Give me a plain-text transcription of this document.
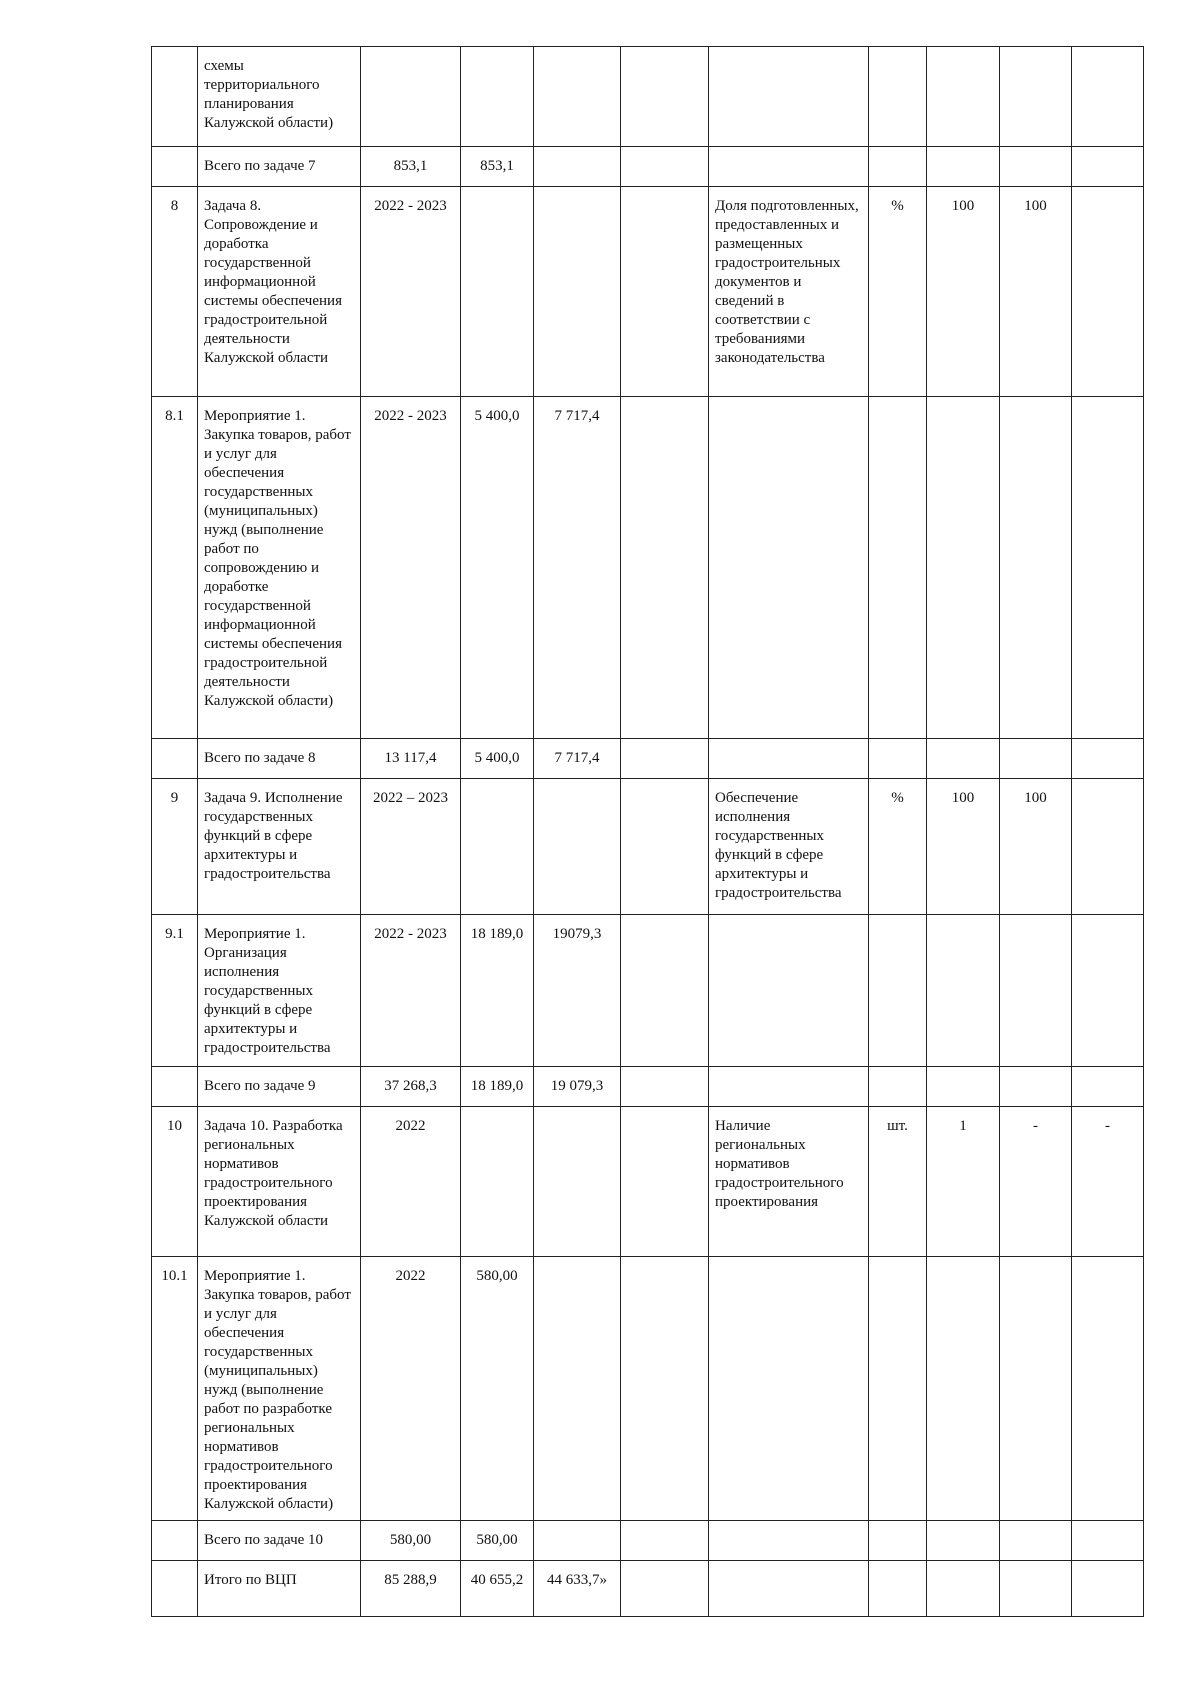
	схемы территориального планирования Калужской области)									
	Всего по задаче 7	853,1	853,1							
8	Задача 8. Сопровождение и доработка государственной информационной системы обеспечения градостроительной деятельности Калужской области	2022 - 2023				Доля подготовленных, предоставленных и размещенных градостроительных документов и сведений в соответствии с требованиями законодательства	%	100	100	
8.1	Мероприятие 1. Закупка товаров, работ и услуг для обеспечения государственных (муниципальных) нужд (выполнение работ по сопровождению и доработке государственной информационной системы обеспечения градостроительной деятельности Калужской области)	2022 - 2023	5 400,0	7 717,4						
	Всего по задаче 8	13 117,4	5 400,0	7 717,4						
9	Задача 9. Исполнение государственных функций в сфере архитектуры и градостроительства	2022 – 2023				Обеспечение исполнения государственных функций в сфере архитектуры и градостроительства	%	100	100	
9.1	Мероприятие 1. Организация исполнения государственных функций в сфере архитектуры и градостроительства	2022 - 2023	18 189,0	19079,3						
	Всего по задаче 9	37 268,3	18 189,0	19 079,3						
10	Задача 10. Разработка региональных нормативов градостроительного проектирования Калужской области	2022				Наличие региональных нормативов градостроительного проектирования	шт.	1	-	-
10.1	Мероприятие 1. Закупка товаров, работ и услуг для обеспечения государственных (муниципальных) нужд (выполнение работ по разработке региональных нормативов градостроительного проектирования Калужской области)	2022	580,00							
	Всего по задаче 10	580,00	580,00							
	Итого по ВЦП	85 288,9	40 655,2	44 633,7»						
